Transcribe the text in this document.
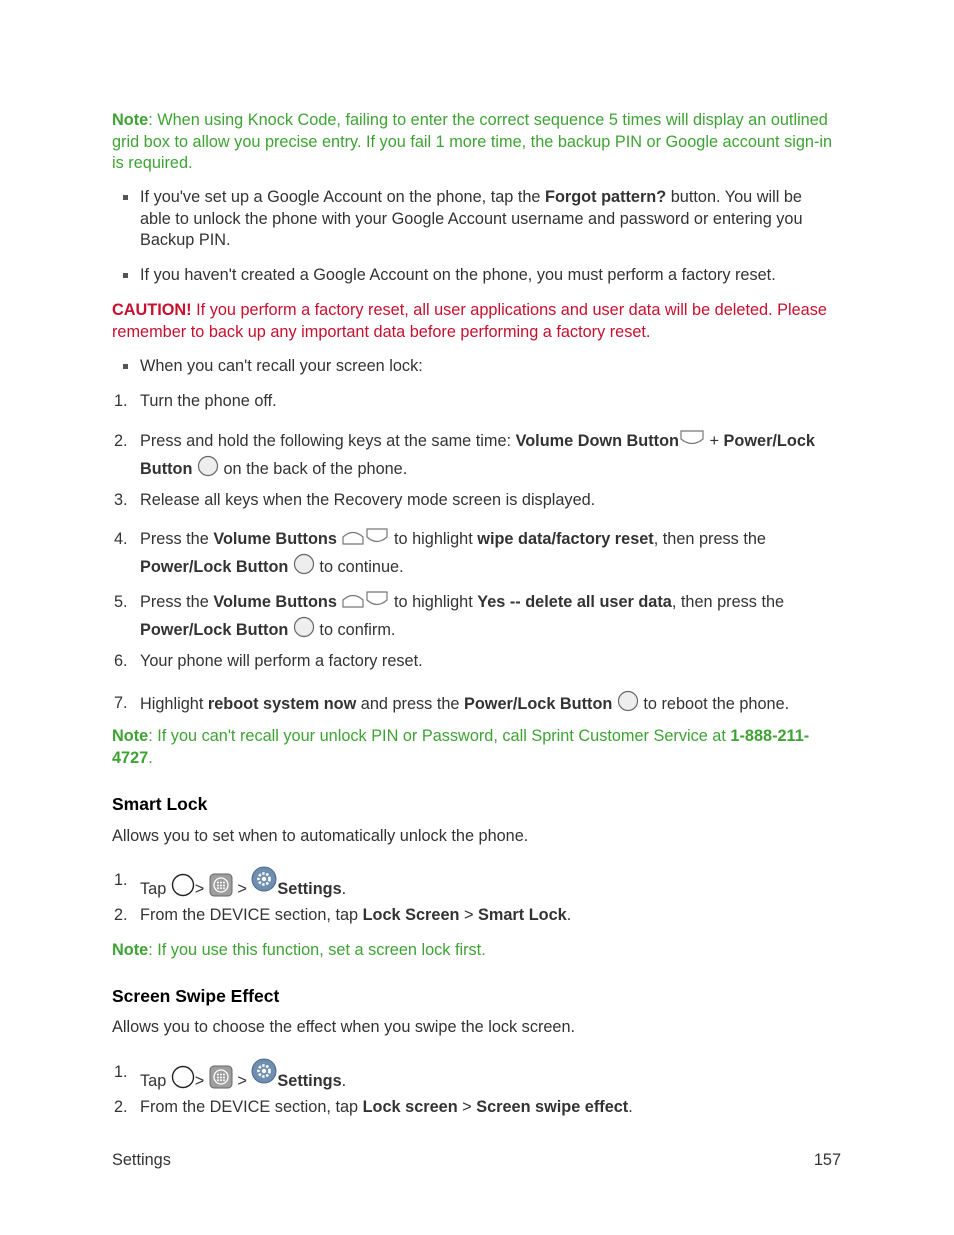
Note: When using Knock Code, failing to enter the correct sequence 5 times will display an outlined grid box to allow you precise entry. If you fail 1 more time, the backup PIN or Google account sign-in is required.
If you've set up a Google Account on the phone, tap the Forgot pattern? button. You will be able to unlock the phone with your Google Account username and password or entering you Backup PIN.
If you haven't created a Google Account on the phone, you must perform a factory reset.
CAUTION! If you perform a factory reset, all user applications and user data will be deleted. Please remember to back up any important data before performing a factory reset.
When you can't recall your screen lock:
1. Turn the phone off.
2. Press and hold the following keys at the same time: Volume Down Button + Power/Lock Button  on the back of the phone.
3. Release all keys when the Recovery mode screen is displayed.
4. Press the Volume Buttons	to highlight wipe data/factory reset, then press the
Power/Lock Button  to continue.
5. Press the Volume Buttons	to highlight Yes -- delete all user data, then press the
Power/Lock Button  to confirm.
6. Your phone will perform a factory reset.
7. Highlight reboot system now and press the Power/Lock Button  to reboot the phone.
Note: If you can't recall your unlock PIN or Password, call Sprint Customer Service at 1-888-211-4727.
Smart Lock
Allows you to set when to automatically unlock the phone.
1. Tap > > Settings.
2. From the DEVICE section, tap Lock Screen > Smart Lock.
Note: If you use this function, set a screen lock first.
Screen Swipe Effect
Allows you to choose the effect when you swipe the lock screen.
1. Tap > > Settings.
2. From the DEVICE section, tap Lock screen > Screen swipe effect.
Settings	157
